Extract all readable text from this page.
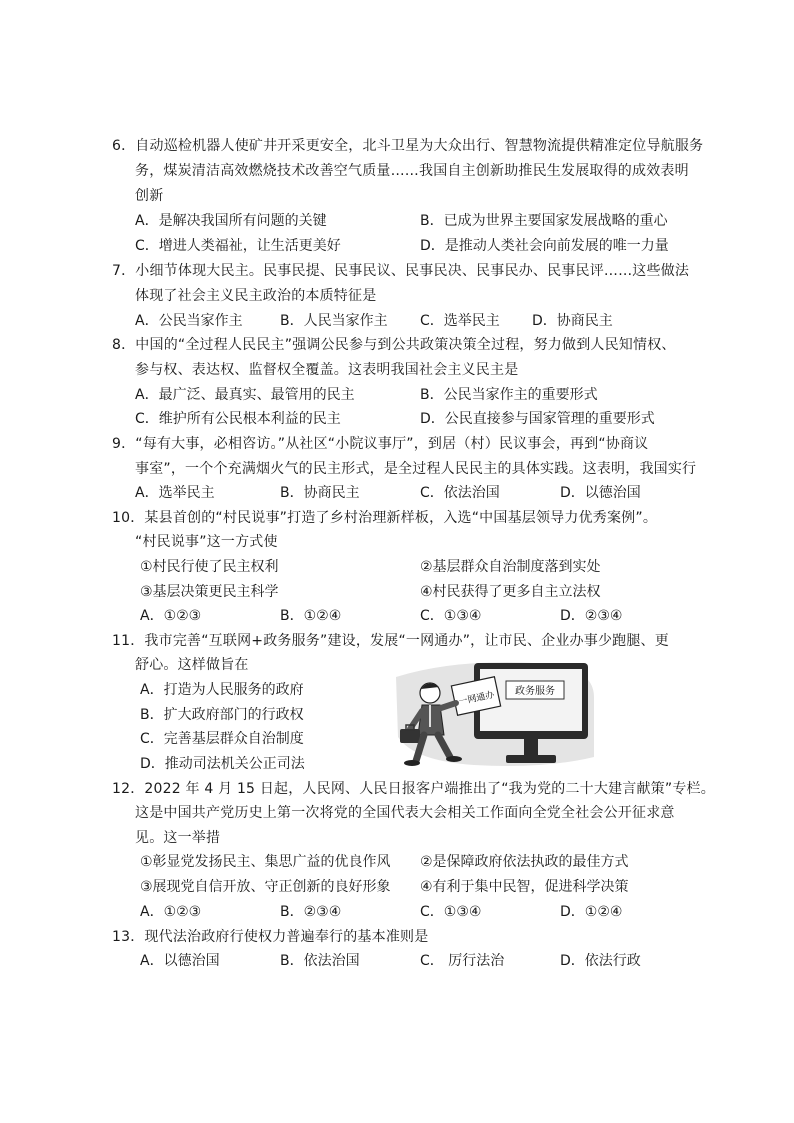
6．自动巡检机器人使矿井开采更安全，北斗卫星为大众出行、智慧物流提供精准定位导航服务
务，煤炭清洁高效燃烧技术改善空气质量……我国自主创新助推民生发展取得的成效表明
创新
A．是解决我国所有问题的关键	B．已成为世界主要国家发展战略的重心
C．增进人类福祉，让生活更美好	D．是推动人类社会向前发展的唯一力量
7．小细节体现大民主。民事民提、民事民议、民事民决、民事民办、民事民评……这些做法
体现了社会主义民主政治的本质特征是
A．公民当家作主	B．人民当家作主 C．选举民主 D．协商民主
8．中国的“全过程人民民主”强调公民参与到公共政策决策全过程，努力做到人民知情权、
参与权、表达权、监督权全覆盖。这表明我国社会主义民主是
A．最广泛、最真实、最管用的民主	B．公民当家作主的重要形式
C．维护所有公民根本利益的民主	D．公民直接参与国家管理的重要形式
9．“每有大事，必相咨访。”从社区“小院议事厅”，到居（村）民议事会，再到“协商议
事室”，一个个充满烟火气的民主形式，是全过程人民民主的具体实践。这表明，我国实行
A．选举民主	B．协商民主	C．依法治国	D．以德治国
10．某县首创的“村民说事”打造了乡村治理新样板，入选“中国基层领导力优秀案例”。
“村民说事”这一方式使
①村民行使了民主权利	②基层群众自治制度落到实处
③基层决策更民主科学	④村民获得了更多自主立法权
A．①②③	B．①②④	C．①③④	D．②③④
11．我市完善“互联网+政务服务”建设，发展“一网通办”，让市民、企业办事少跑腿、更
舒心。这样做旨在
A．打造为人民服务的政府
B．扩大政府部门的行政权
C．完善基层群众自治制度
D．推动司法机关公正司法
政务服务
一网通办
12．2022 年 4 月 15 日起，人民网、人民日报客户端推出了“我为党的二十大建言献策”专栏。
这是中国共产党历史上第一次将党的全国代表大会相关工作面向全党全社会公开征求意
见。这一举措
①彰显党发扬民主、集思广益的优良作风 ②是保障政府依法执政的最佳方式
③展现党自信开放、守正创新的良好形象 ④有利于集中民智，促进科学决策
A．①②③	B．②③④	C．①③④	D．①②④
13．现代法治政府行使权力普遍奉行的基本准则是
A．以德治国	B．依法治国	C． 厉行法治	D．依法行政
